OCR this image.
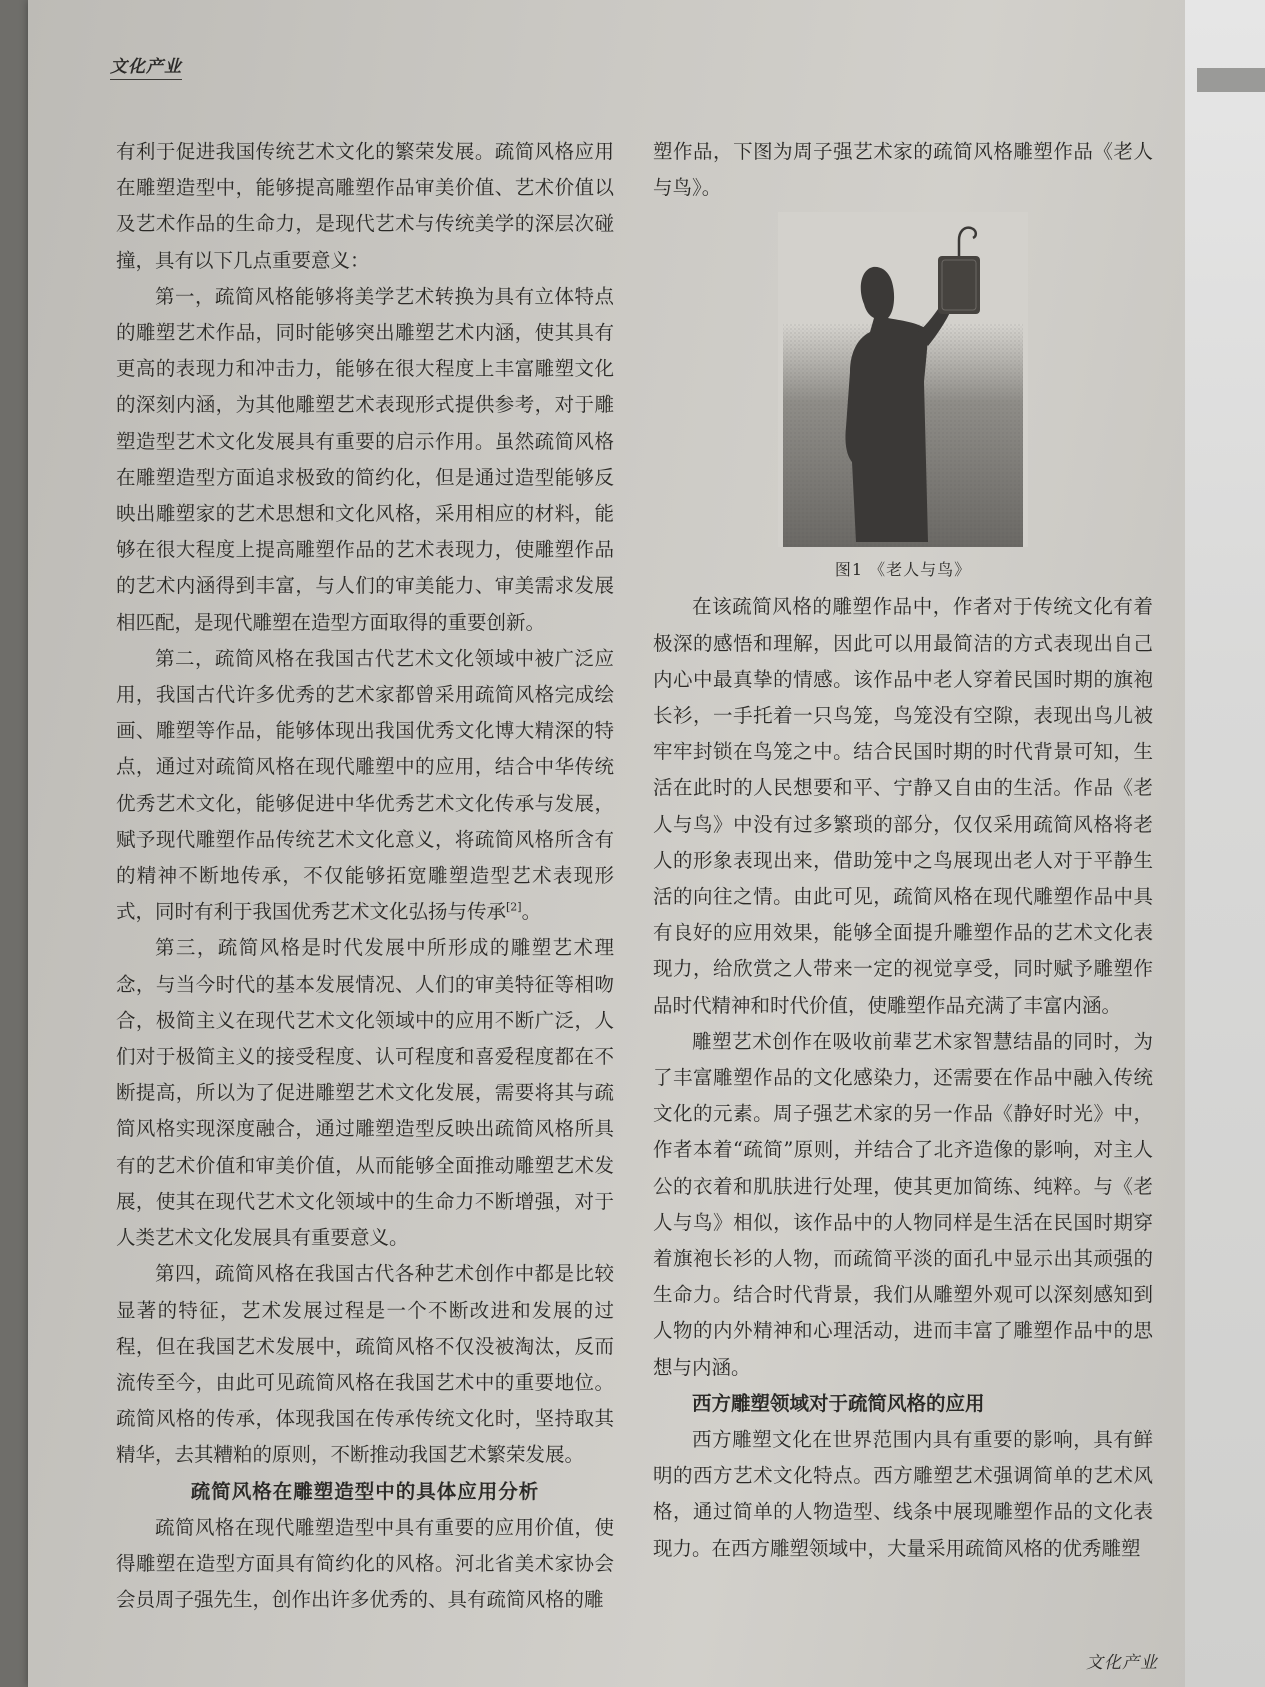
文化产业

有利于促进我国传统艺术文化的繁荣发展。疏简风格应用在雕塑造型中，能够提高雕塑作品审美价值、艺术价值以及艺术作品的生命力，是现代艺术与传统美学的深层次碰撞，具有以下几点重要意义：

第一，疏简风格能够将美学艺术转换为具有立体特点的雕塑艺术作品，同时能够突出雕塑艺术内涵，使其具有更高的表现力和冲击力，能够在很大程度上丰富雕塑文化的深刻内涵，为其他雕塑艺术表现形式提供参考，对于雕塑造型艺术文化发展具有重要的启示作用。虽然疏简风格在雕塑造型方面追求极致的简约化，但是通过造型能够反映出雕塑家的艺术思想和文化风格，采用相应的材料，能够在很大程度上提高雕塑作品的艺术表现力，使雕塑作品的艺术内涵得到丰富，与人们的审美能力、审美需求发展相匹配，是现代雕塑在造型方面取得的重要创新。

第二，疏简风格在我国古代艺术文化领域中被广泛应用，我国古代许多优秀的艺术家都曾采用疏简风格完成绘画、雕塑等作品，能够体现出我国优秀文化博大精深的特点，通过对疏简风格在现代雕塑中的应用，结合中华传统优秀艺术文化，能够促进中华优秀艺术文化传承与发展，赋予现代雕塑作品传统艺术文化意义，将疏简风格所含有的精神不断地传承，不仅能够拓宽雕塑造型艺术表现形式，同时有利于我国优秀艺术文化弘扬与传承[2]。

第三，疏简风格是时代发展中所形成的雕塑艺术理念，与当今时代的基本发展情况、人们的审美特征等相吻合，极简主义在现代艺术文化领域中的应用不断广泛，人们对于极简主义的接受程度、认可程度和喜爱程度都在不断提高，所以为了促进雕塑艺术文化发展，需要将其与疏简风格实现深度融合，通过雕塑造型反映出疏简风格所具有的艺术价值和审美价值，从而能够全面推动雕塑艺术发展，使其在现代艺术文化领域中的生命力不断增强，对于人类艺术文化发展具有重要意义。

第四，疏简风格在我国古代各种艺术创作中都是比较显著的特征，艺术发展过程是一个不断改进和发展的过程，但在我国艺术发展中，疏简风格不仅没被淘汰，反而流传至今，由此可见疏简风格在我国艺术中的重要地位。疏简风格的传承，体现我国在传承传统文化时，坚持取其精华，去其糟粕的原则，不断推动我国艺术繁荣发展。

疏简风格在雕塑造型中的具体应用分析

疏简风格在现代雕塑造型中具有重要的应用价值，使得雕塑在造型方面具有简约化的风格。河北省美术家协会会员周子强先生，创作出许多优秀的、具有疏简风格的雕

塑作品，下图为周子强艺术家的疏简风格雕塑作品《老人与鸟》。

图1 《老人与鸟》

在该疏简风格的雕塑作品中，作者对于传统文化有着极深的感悟和理解，因此可以用最简洁的方式表现出自己内心中最真挚的情感。该作品中老人穿着民国时期的旗袍长衫，一手托着一只鸟笼，鸟笼没有空隙，表现出鸟儿被牢牢封锁在鸟笼之中。结合民国时期的时代背景可知，生活在此时的人民想要和平、宁静又自由的生活。作品《老人与鸟》中没有过多繁琐的部分，仅仅采用疏简风格将老人的形象表现出来，借助笼中之鸟展现出老人对于平静生活的向往之情。由此可见，疏简风格在现代雕塑作品中具有良好的应用效果，能够全面提升雕塑作品的艺术文化表现力，给欣赏之人带来一定的视觉享受，同时赋予雕塑作品时代精神和时代价值，使雕塑作品充满了丰富内涵。

雕塑艺术创作在吸收前辈艺术家智慧结晶的同时，为了丰富雕塑作品的文化感染力，还需要在作品中融入传统文化的元素。周子强艺术家的另一作品《静好时光》中，作者本着“疏简”原则，并结合了北齐造像的影响，对主人公的衣着和肌肤进行处理，使其更加简练、纯粹。与《老人与鸟》相似，该作品中的人物同样是生活在民国时期穿着旗袍长衫的人物，而疏简平淡的面孔中显示出其顽强的生命力。结合时代背景，我们从雕塑外观可以深刻感知到人物的内外精神和心理活动，进而丰富了雕塑作品中的思想与内涵。

西方雕塑领域对于疏简风格的应用

西方雕塑文化在世界范围内具有重要的影响，具有鲜明的西方艺术文化特点。西方雕塑艺术强调简单的艺术风格，通过简单的人物造型、线条中展现雕塑作品的文化表现力。在西方雕塑领域中，大量采用疏简风格的优秀雕塑

文化产业
